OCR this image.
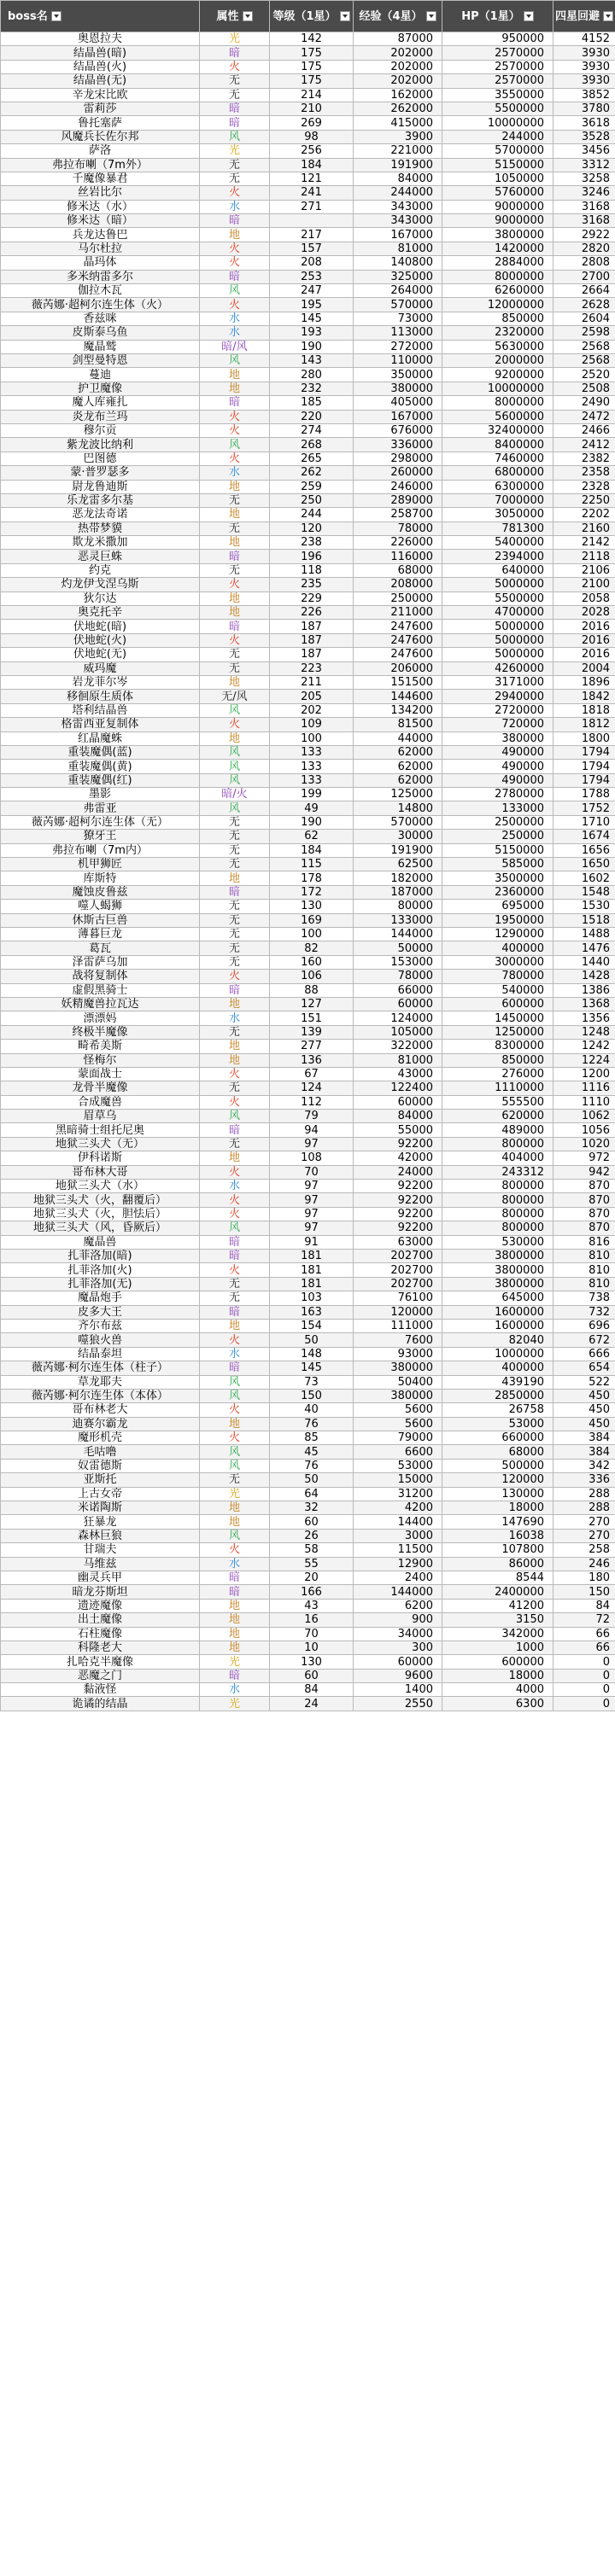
boss名	属性	等级（1星）	经验（4星）	HP（1星）	四星回避
奥恩拉夫	光	142	87000	950000	4152
结晶兽(暗)	暗	175	202000	2570000	3930
结晶兽(火)	火	175	202000	2570000	3930
结晶兽(无)	无	175	202000	2570000	3930
辛龙宋比欧	无	214	162000	3550000	3852
雷莉莎	暗	210	262000	5500000	3780
鲁托塞萨	暗	269	415000	10000000	3618
风魔兵长佐尔邦	风	98	3900	244000	3528
萨洛	光	256	221000	5700000	3456
弗拉布喇（7m外）	无	184	191900	5150000	3312
千魔像暴君	无	121	84000	1050000	3258
丝岩比尔	火	241	244000	5760000	3246
修米达（水）	水	271	343000	9000000	3168
修米达（暗）	暗		343000	9000000	3168
兵龙达鲁巴	地	217	167000	3800000	2922
马尔杜拉	火	157	81000	1420000	2820
晶玛体	火	208	140800	2884000	2808
多米纳雷多尔	暗	253	325000	8000000	2700
伽拉木瓦	风	247	264000	6260000	2664
薇芮娜·超柯尔连生体（火）	火	195	570000	12000000	2628
香兹咪	水	145	73000	850000	2604
皮斯泰乌鱼	水	193	113000	2320000	2598
魔晶鹫	暗/风	190	272000	5630000	2568
剑型曼特恩	风	143	110000	2000000	2568
蔓迪	地	280	350000	9200000	2520
护卫魔像	地	232	380000	10000000	2508
魔人库雍扎	暗	185	405000	8000000	2490
炎龙布兰玛	火	220	167000	5600000	2472
穆尔贡	火	274	676000	32400000	2466
紫龙波比纳利	风	268	336000	8400000	2412
巴图德	火	265	298000	7460000	2382
蒙·普罗瑟多	水	262	260000	6800000	2358
尉龙鲁迪斯	地	259	246000	6300000	2328
乐龙雷多尔基	无	250	289000	7000000	2250
恶龙法奇诺	地	244	258700	3050000	2202
热带梦貘	无	120	78000	781300	2160
欺龙米撒加	地	238	226000	5400000	2142
恶灵巨蛛	暗	196	116000	2394000	2118
约克	无	118	68000	640000	2106
灼龙伊戈涅乌斯	火	235	208000	5000000	2100
狄尔达	地	229	250000	5500000	2058
奥克托辛	地	226	211000	4700000	2028
伏地蛇(暗)	暗	187	247600	5000000	2016
伏地蛇(火)	火	187	247600	5000000	2016
伏地蛇(无)	无	187	247600	5000000	2016
威玛魔	无	223	206000	4260000	2004
岩龙菲尔岑	地	211	151500	3171000	1896
移徊原生质体	无/风	205	144600	2940000	1842
塔利结晶兽	风	202	134200	2720000	1818
格雷西亚复制体	火	109	81500	720000	1812
红晶魔蛛	地	100	44000	380000	1800
重装魔偶(蓝)	风	133	62000	490000	1794
重装魔偶(黄)	风	133	62000	490000	1794
重装魔偶(红)	风	133	62000	490000	1794
墨影	暗/火	199	125000	2780000	1788
弗雷亚	风	49	14800	133000	1752
薇芮娜·超柯尔连生体（无）	无	190	570000	2500000	1710
獠牙王	无	62	30000	250000	1674
弗拉布喇（7m内）	无	184	191900	5150000	1656
机甲狮匠	无	115	62500	585000	1650
库斯特	地	178	182000	3500000	1602
魔蚀皮鲁兹	暗	172	187000	2360000	1548
噬人蝎狮	无	130	80000	695000	1530
休斯古巨兽	无	169	133000	1950000	1518
薄暮巨龙	无	100	144000	1290000	1488
葛瓦	无	82	50000	400000	1476
泽雷萨乌加	无	160	153000	3000000	1440
战将复制体	火	106	78000	780000	1428
虚假黑骑士	暗	88	66000	540000	1386
妖精魔兽拉瓦达	地	127	60000	600000	1368
漂漂妈	水	151	124000	1450000	1356
终极半魔像	无	139	105000	1250000	1248
畸希美斯	地	277	322000	8300000	1242
怪梅尔	地	136	81000	850000	1224
蒙面战士	火	67	43000	276000	1200
龙骨半魔像	无	124	122400	1110000	1116
合成魔兽	火	112	60000	555500	1110
眉草乌	风	79	84000	620000	1062
黑暗骑士组托尼奥	暗	94	55000	489000	1056
地狱三头犬（无）	无	97	92200	800000	1020
伊科诺斯	地	108	42000	404000	972
哥布林大哥	火	70	24000	243312	942
地狱三头犬（水）	水	97	92200	800000	870
地狱三头犬（火，翻覆后）	火	97	92200	800000	870
地狱三头犬（火，胆怯后）	火	97	92200	800000	870
地狱三头犬（风，昏厥后）	风	97	92200	800000	870
魔晶兽	暗	91	63000	530000	816
扎菲洛加(暗)	暗	181	202700	3800000	810
扎菲洛加(火)	火	181	202700	3800000	810
扎菲洛加(无)	无	181	202700	3800000	810
魔晶炮手	无	103	76100	645000	738
皮多大王	暗	163	120000	1600000	732
齐尔布兹	地	154	111000	1600000	696
噬狼火兽	火	50	7600	82040	672
结晶泰坦	水	148	93000	1000000	666
薇芮娜·柯尔连生体（柱子）	暗	145	380000	400000	654
草龙耶夫	风	73	50400	439190	522
薇芮娜·柯尔连生体（本体）	风	150	380000	2850000	450
哥布林老大	火	40	5600	26758	450
迪赛尔霸龙	地	76	5600	53000	450
魔形机壳	火	85	79000	660000	384
毛咕噜	风	45	6600	68000	384
奴雷德斯	风	76	53000	500000	342
亚斯托	无	50	15000	120000	336
上古女帝	光	64	31200	130000	288
米诺陶斯	地	32	4200	18000	288
狂暴龙	地	60	14400	147690	270
森林巨狼	风	26	3000	16038	270
甘瑞夫	火	58	11500	107800	258
马维兹	水	55	12900	86000	246
幽灵兵甲	暗	20	2400	8544	180
暗龙芬斯坦	暗	166	144000	2400000	150
遗迹魔像	地	43	6200	41200	84
出土魔像	地	16	900	3150	72
石柱魔像	地	70	34000	342000	66
科隆老大	地	10	300	1000	66
扎哈克半魔像	光	130	60000	600000	0
恶魔之门	暗	60	9600	18000	0
黏液怪	水	84	1400	4000	0
诡谲的结晶	光	24	2550	6300	0
